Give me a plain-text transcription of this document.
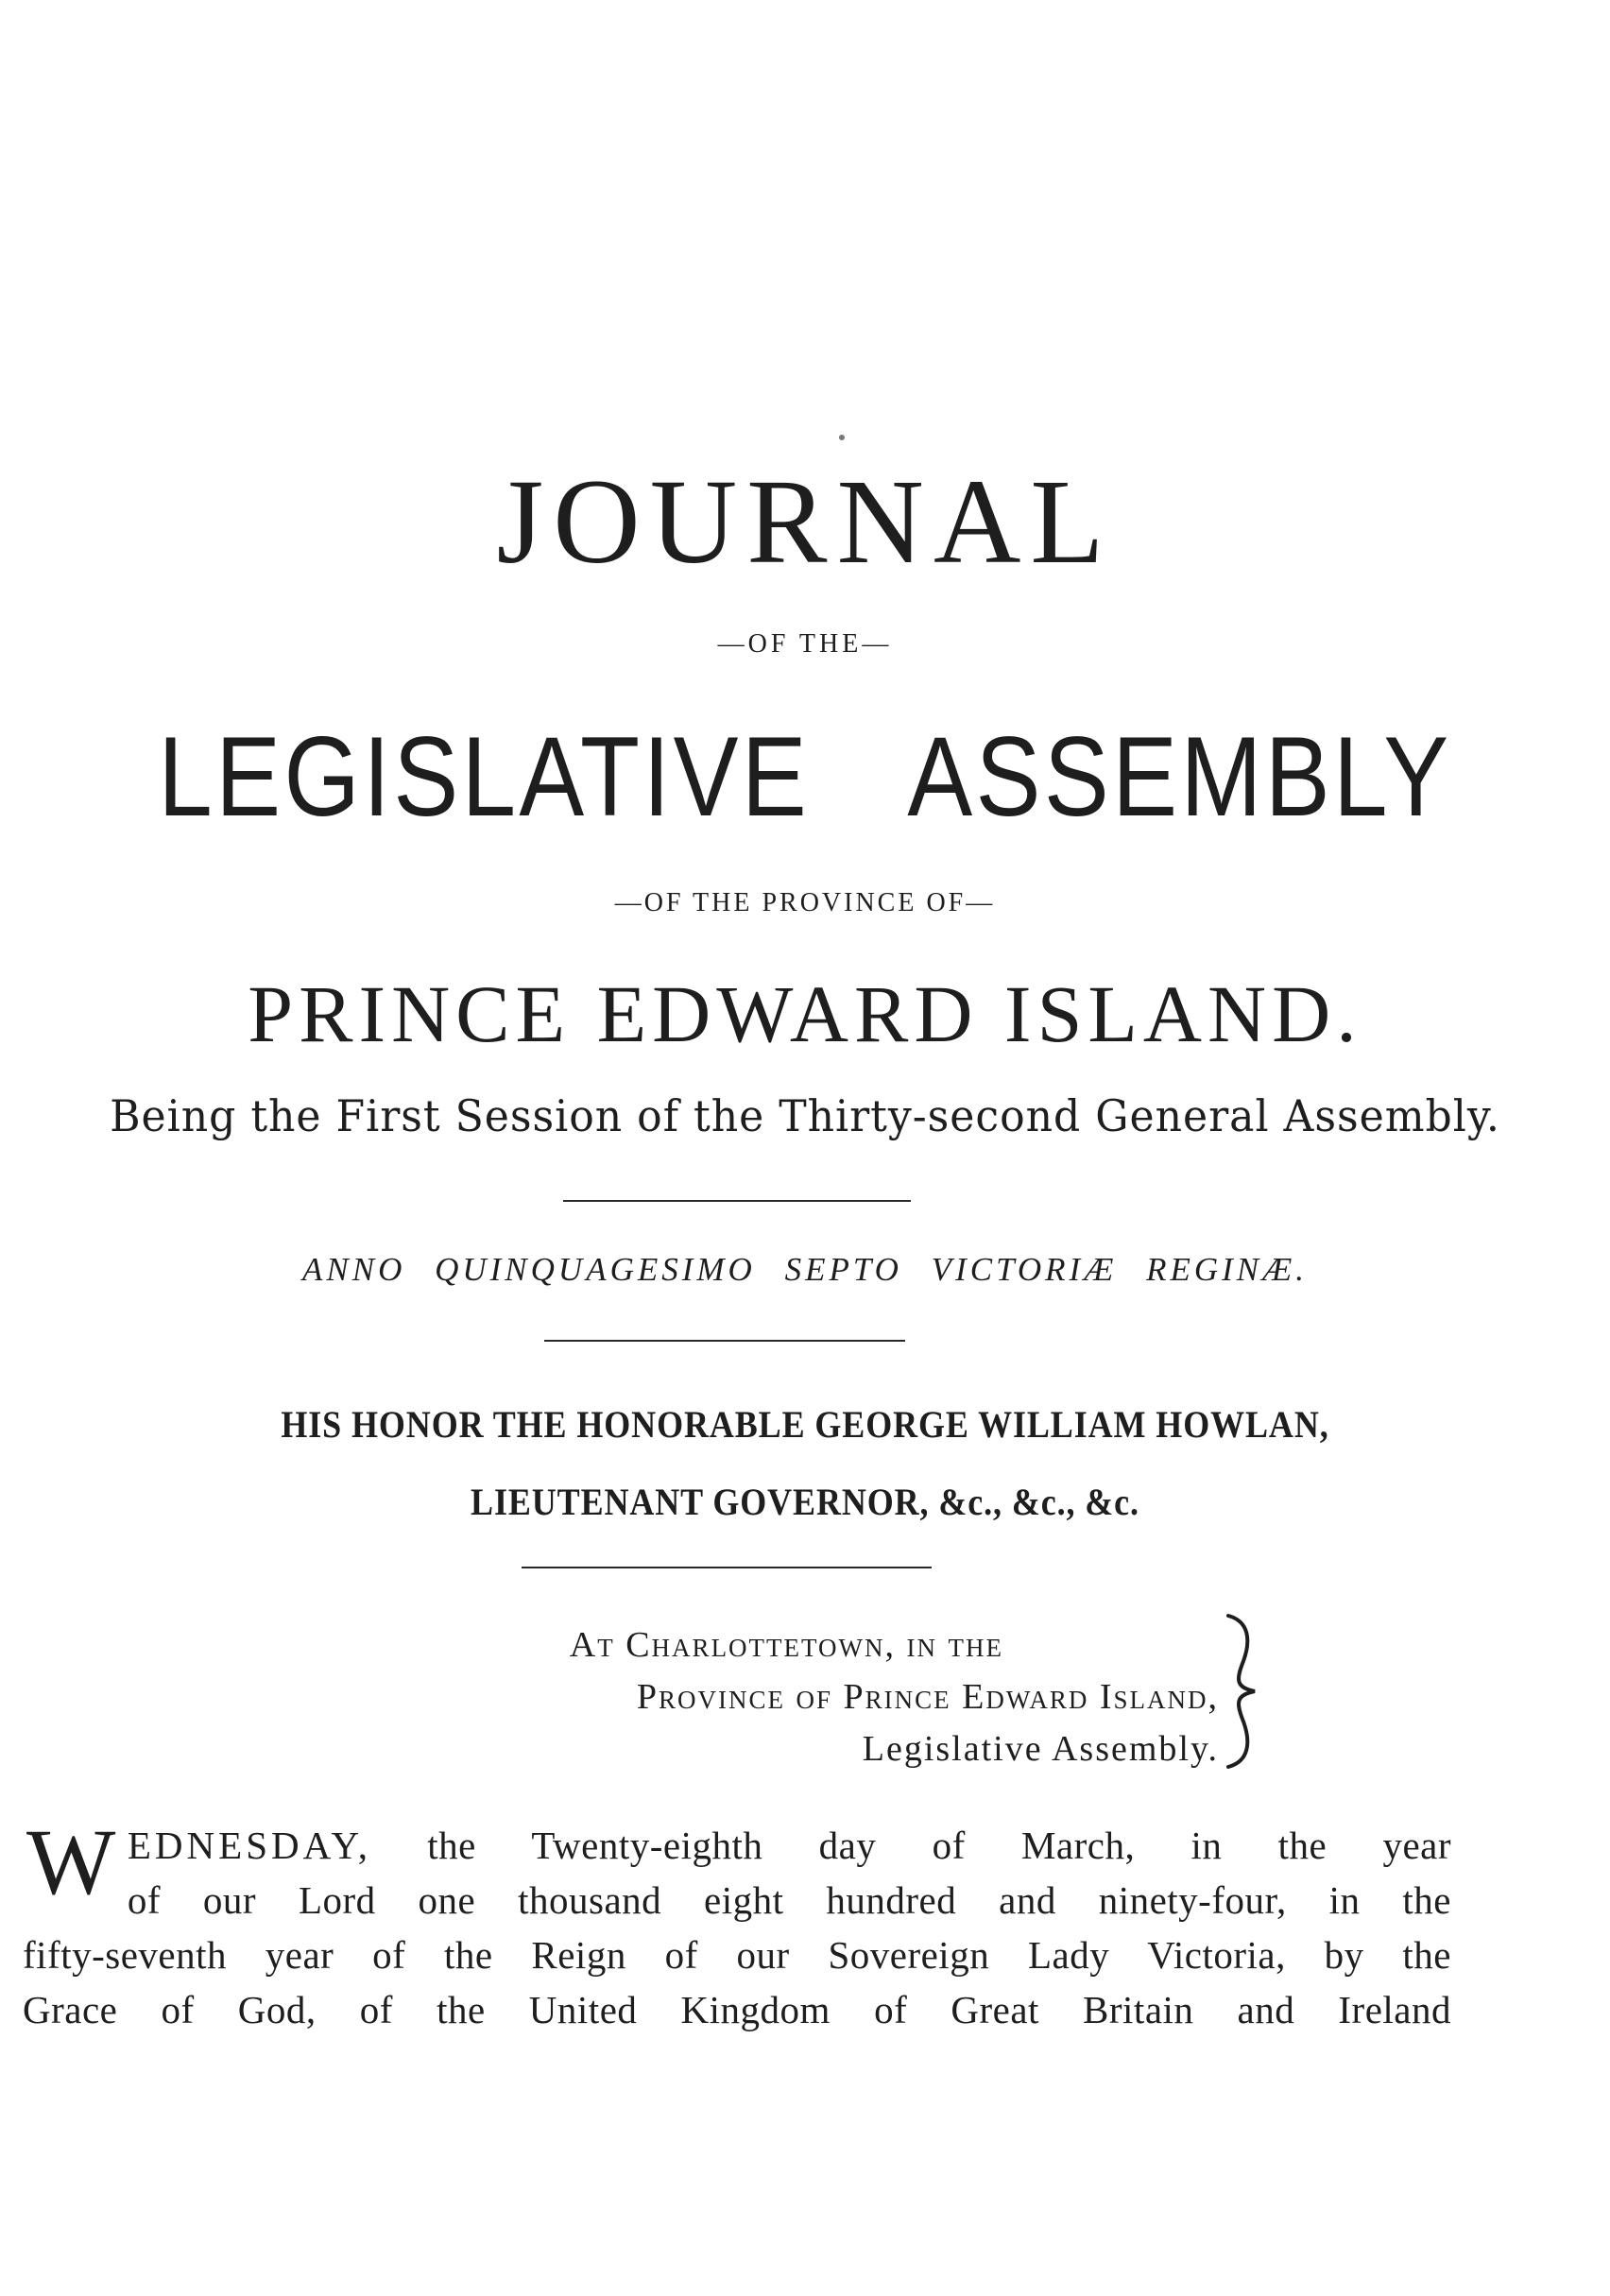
JOURNAL
—OF THE—
LEGISLATIVE ASSEMBLY
—OF THE PROVINCE OF—
PRINCE EDWARD ISLAND.
Being the First Session of the Thirty-second General Assembly.
ANNO QUINQUAGESIMO SEPTO VICTORIÆ REGINÆ.
HIS HONOR THE HONORABLE GEORGE WILLIAM HOWLAN,
LIEUTENANT GOVERNOR, &c., &c., &c.
At Charlottetown, in the
Province of Prince Edward Island,
Legislative Assembly.
W EDNESDAY, the Twenty-eighth day of March, in the year
of our Lord one thousand eight hundred and ninety-four, in the
fifty-seventh year of the Reign of our Sovereign Lady Victoria, by the
Grace of God, of the United Kingdom of Great Britain and Ireland
